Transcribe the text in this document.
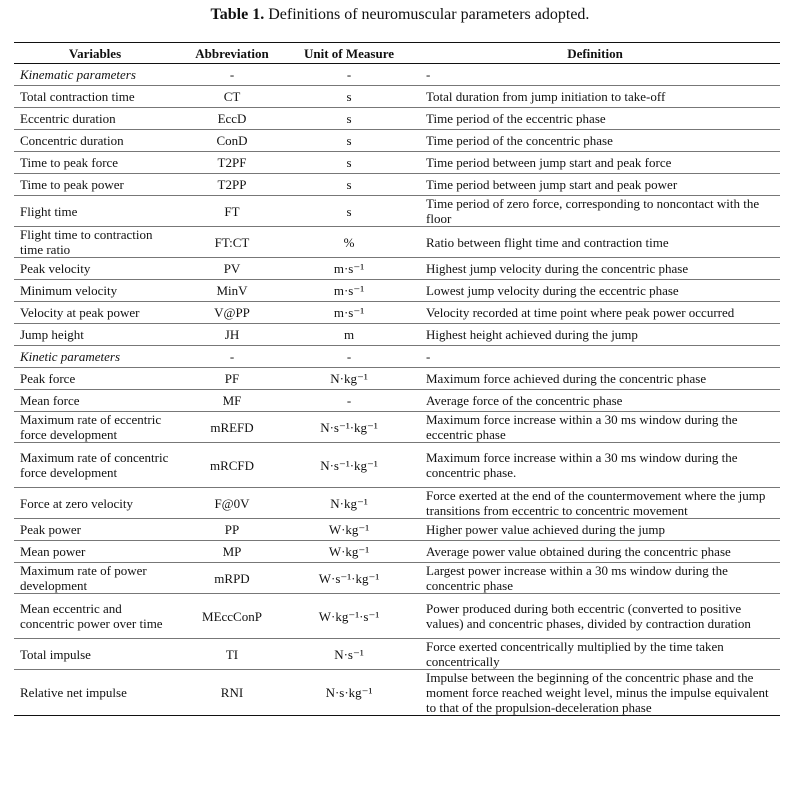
Table 1. Definitions of neuromuscular parameters adopted.
Variables	Abbreviation	Unit of Measure	Definition
Kinematic parameters	-	-	-
Total contraction time	CT	s	Total duration from jump initiation to take-off
Eccentric duration	EccD	s	Time period of the eccentric phase
Concentric duration	ConD	s	Time period of the concentric phase
Time to peak force	T2PF	s	Time period between jump start and peak force
Time to peak power	T2PP	s	Time period between jump start and peak power
Flight time	FT	s	Time period of zero force, corresponding to noncontact with the floor
Flight time to contraction time ratio	FT:CT	%	Ratio between flight time and contraction time
Peak velocity	PV	m·s⁻¹	Highest jump velocity during the concentric phase
Minimum velocity	MinV	m·s⁻¹	Lowest jump velocity during the eccentric phase
Velocity at peak power	V@PP	m·s⁻¹	Velocity recorded at time point where peak power occurred
Jump height	JH	m	Highest height achieved during the jump
Kinetic parameters	-	-	-
Peak force	PF	N·kg⁻¹	Maximum force achieved during the concentric phase
Mean force	MF	-	Average force of the concentric phase
Maximum rate of eccentric force development	mREFD	N·s⁻¹·kg⁻¹	Maximum force increase within a 30 ms window during the eccentric phase
Maximum rate of concentric force development	mRCFD	N·s⁻¹·kg⁻¹	Maximum force increase within a 30 ms window during the concentric phase.
Force at zero velocity	F@0V	N·kg⁻¹	Force exerted at the end of the countermovement where the jump transitions from eccentric to concentric movement
Peak power	PP	W·kg⁻¹	Higher power value achieved during the jump
Mean power	MP	W·kg⁻¹	Average power value obtained during the concentric phase
Maximum rate of power development	mRPD	W·s⁻¹·kg⁻¹	Largest power increase within a 30 ms window during the concentric phase
Mean eccentric and concentric power over time	MEccConP	W·kg⁻¹·s⁻¹	Power produced during both eccentric (converted to positive values) and concentric phases, divided by contraction duration
Total impulse	TI	N·s⁻¹	Force exerted concentrically multiplied by the time taken concentrically
Relative net impulse	RNI	N·s·kg⁻¹	Impulse between the beginning of the concentric phase and the moment force reached weight level, minus the impulse equivalent to that of the propulsion-deceleration phase
